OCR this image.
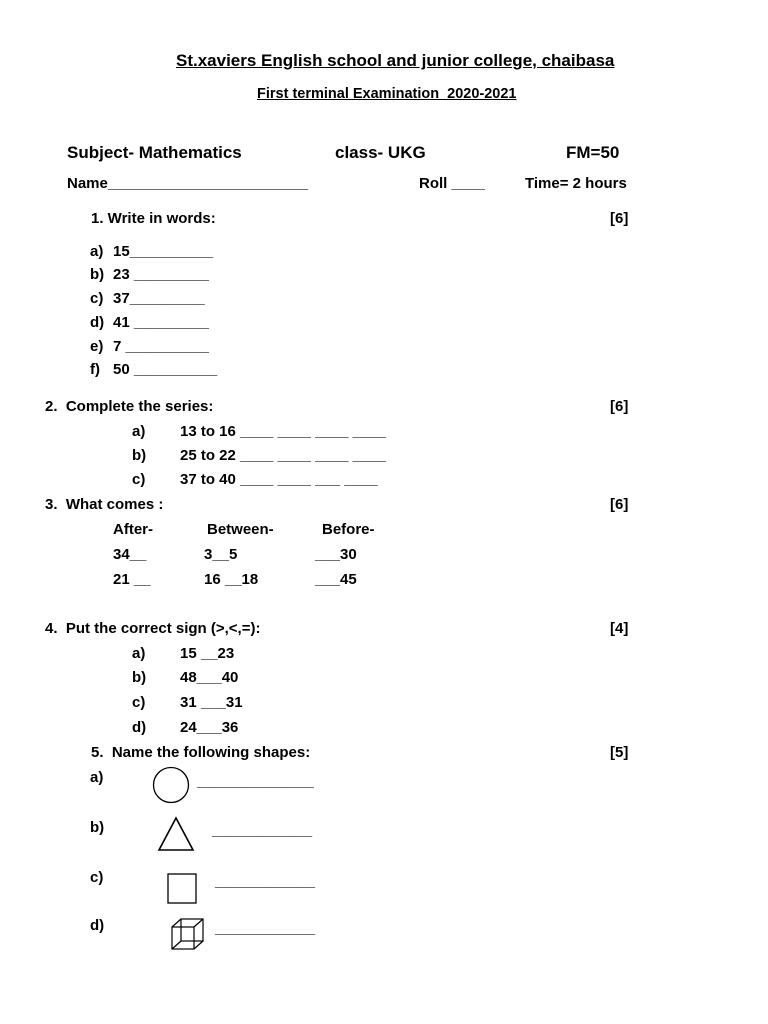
St.xaviers English school and junior college, chaibasa
First terminal Examination  2020-2021
Subject- Mathematics	class- UKG	FM=50
Name________________________	Roll ____	Time= 2 hours
1. Write in words:	[6]
a) 15__________
b) 23 _________
c) 37_________
d) 41 _________
e) 7 __________
f) 50 __________
2.  Complete the series:	[6]
a) 13 to 16 ____ ____ ____ ____
b) 25 to 22 ____ ____ ____ ____
c) 37 to 40 ____ ____ ___ ____
3.  What comes :	[6]
After-	Between-	Before-
34__	3__5	___30
21 __	16 __18	___45
4.  Put the correct sign (>,<,=):	[4]
a) 15 __23
b) 48___40
c) 31 ___31
d) 24___36
5.  Name the following shapes:	[5]
a)	______________
b)	____________
c)	____________
d)	____________
